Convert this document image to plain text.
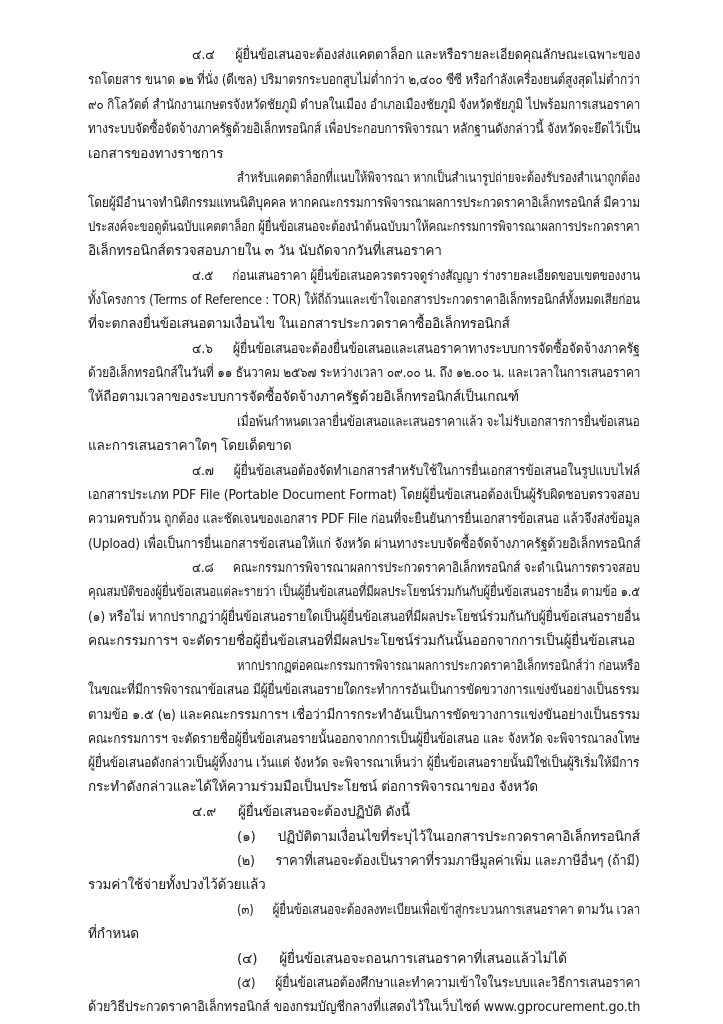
๔.๔ ผู้ยื่นข้อเสนอจะต้องส่งแคตตาล็อก และหรือรายละเอียดคุณลักษณะเฉพาะของ
รถโดยสาร ขนาด ๑๒ ที่นั่ง (ดีเซล) ปริมาตรกระบอกสูบไม่ต่ำกว่า ๒,๔๐๐ ซีซี หรือกำลังเครื่องยนต์สูงสุดไม่ต่ำกว่า
๙๐ กิโลวัตต์ สำนักงานเกษตรจังหวัดชัยภูมิ ตำบลในเมือง อำเภอเมืองชัยภูมิ จังหวัดชัยภูมิ ไปพร้อมการเสนอราคา
ทางระบบจัดซื้อจัดจ้างภาครัฐด้วยอิเล็กทรอนิกส์ เพื่อประกอบการพิจารณา หลักฐานดังกล่าวนี้ จังหวัดจะยึดไว้เป็น
เอกสารของทางราชการ
สำหรับแคตตาล็อกที่แนบให้พิจารณา หากเป็นสำเนารูปถ่ายจะต้องรับรองสำเนาถูกต้อง
โดยผู้มีอำนาจทำนิติกรรมแทนนิติบุคคล หากคณะกรรมการพิจารณาผลการประกวดราคาอิเล็กทรอนิกส์ มีความ
ประสงค์จะขอดูต้นฉบับแคตตาล็อก ผู้ยื่นข้อเสนอจะต้องนำต้นฉบับมาให้คณะกรรมการพิจารณาผลการประกวดราคา
อิเล็กทรอนิกส์ตรวจสอบภายใน ๓ วัน นับถัดจากวันที่เสนอราคา
๔.๕ ก่อนเสนอราคา ผู้ยื่นข้อเสนอควรตรวจดูร่างสัญญา ร่างรายละเอียดขอบเขตของงาน
ทั้งโครงการ (Terms of Reference : TOR) ให้ถี่ถ้วนและเข้าใจเอกสารประกวดราคาอิเล็กทรอนิกส์ทั้งหมดเสียก่อน
ที่จะตกลงยื่นข้อเสนอตามเงื่อนไข ในเอกสารประกวดราคาซื้ออิเล็กทรอนิกส์
๔.๖ ผู้ยื่นข้อเสนอจะต้องยื่นข้อเสนอและเสนอราคาทางระบบการจัดซื้อจัดจ้างภาครัฐ
ด้วยอิเล็กทรอนิกส์ในวันที่ ๑๑ ธันวาคม ๒๕๖๗ ระหว่างเวลา ๐๙.๐๐ น. ถึง ๑๒.๐๐ น. และเวลาในการเสนอราคา
ให้ถือตามเวลาของระบบการจัดซื้อจัดจ้างภาครัฐด้วยอิเล็กทรอนิกส์เป็นเกณฑ์
เมื่อพ้นกำหนดเวลายื่นข้อเสนอและเสนอราคาแล้ว จะไม่รับเอกสารการยื่นข้อเสนอ
และการเสนอราคาใดๆ โดยเด็ดขาด
๔.๗ ผู้ยื่นข้อเสนอต้องจัดทำเอกสารสำหรับใช้ในการยื่นเอกสารข้อเสนอในรูปแบบไฟล์
เอกสารประเภท PDF File (Portable Document Format) โดยผู้ยื่นข้อเสนอต้องเป็นผู้รับผิดชอบตรวจสอบ
ความครบถ้วน ถูกต้อง และชัดเจนของเอกสาร PDF File ก่อนที่จะยืนยันการยื่นเอกสารข้อเสนอ แล้วจึงส่งข้อมูล
(Upload) เพื่อเป็นการยื่นเอกสารข้อเสนอให้แก่ จังหวัด ผ่านทางระบบจัดซื้อจัดจ้างภาครัฐด้วยอิเล็กทรอนิกส์
๔.๘ คณะกรรมการพิจารณาผลการประกวดราคาอิเล็กทรอนิกส์ จะดำเนินการตรวจสอบ
คุณสมบัติของผู้ยื่นข้อเสนอแต่ละรายว่า เป็นผู้ยื่นข้อเสนอที่มีผลประโยชน์ร่วมกันกับผู้ยื่นข้อเสนอรายอื่น ตามข้อ ๑.๕
(๑) หรือไม่ หากปรากฏว่าผู้ยื่นข้อเสนอรายใดเป็นผู้ยื่นข้อเสนอที่มีผลประโยชน์ร่วมกันกับผู้ยื่นข้อเสนอรายอื่น
คณะกรรมการฯ จะตัดรายชื่อผู้ยื่นข้อเสนอที่มีผลประโยชน์ร่วมกันนั้นออกจากการเป็นผู้ยื่นข้อเสนอ
หากปรากฏต่อคณะกรรมการพิจารณาผลการประกวดราคาอิเล็กทรอนิกส์ว่า ก่อนหรือ
ในขณะที่มีการพิจารณาข้อเสนอ มีผู้ยื่นข้อเสนอรายใดกระทำการอันเป็นการขัดขวางการแข่งขันอย่างเป็นธรรม
ตามข้อ ๑.๕ (๒) และคณะกรรมการฯ เชื่อว่ามีการกระทำอันเป็นการขัดขวางการแข่งขันอย่างเป็นธรรม
คณะกรรมการฯ จะตัดรายชื่อผู้ยื่นข้อเสนอรายนั้นออกจากการเป็นผู้ยื่นข้อเสนอ และ จังหวัด จะพิจารณาลงโทษ
ผู้ยื่นข้อเสนอดังกล่าวเป็นผู้ทิ้งงาน เว้นแต่ จังหวัด จะพิจารณาเห็นว่า ผู้ยื่นข้อเสนอรายนั้นมิใช่เป็นผู้ริเริ่มให้มีการ
กระทำดังกล่าวและได้ให้ความร่วมมือเป็นประโยชน์ ต่อการพิจารณาของ จังหวัด
๔.๙ ผู้ยื่นข้อเสนอจะต้องปฏิบัติ ดังนี้
(๑) ปฏิบัติตามเงื่อนไขที่ระบุไว้ในเอกสารประกวดราคาอิเล็กทรอนิกส์
(๒) ราคาที่เสนอจะต้องเป็นราคาที่รวมภาษีมูลค่าเพิ่ม และภาษีอื่นๆ (ถ้ามี)
รวมค่าใช้จ่ายทั้งปวงไว้ด้วยแล้ว
(๓) ผู้ยื่นข้อเสนอจะต้องลงทะเบียนเพื่อเข้าสู่กระบวนการเสนอราคา ตามวัน เวลา
ที่กำหนด
(๔) ผู้ยื่นข้อเสนอจะถอนการเสนอราคาที่เสนอแล้วไม่ได้
(๕) ผู้ยื่นข้อเสนอต้องศึกษาและทำความเข้าใจในระบบและวิธีการเสนอราคา
ด้วยวิธีประกวดราคาอิเล็กทรอนิกส์ ของกรมบัญชีกลางที่แสดงไว้ในเว็บไซต์ www.gprocurement.go.th
